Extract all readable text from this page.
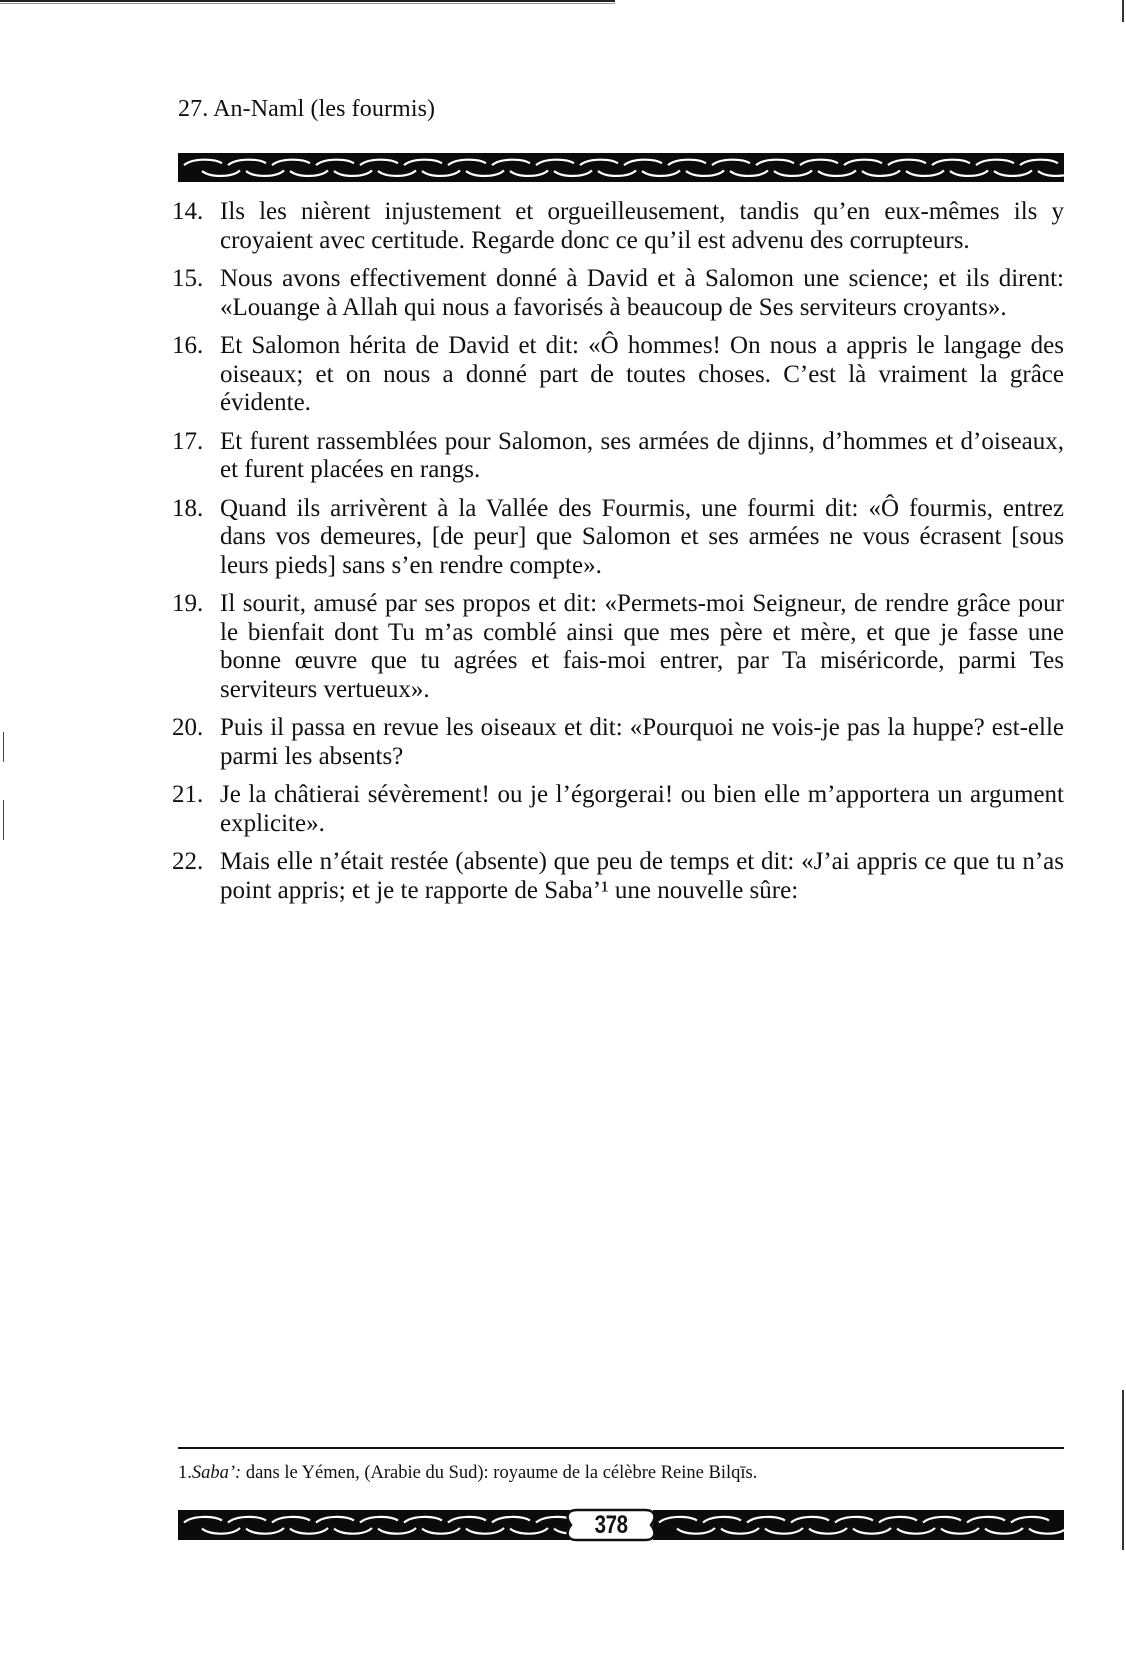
27. An-Naml (les fourmis)
14. Ils les nièrent injustement et orgueilleusement, tandis qu’en eux-mêmes ils y croyaient avec certitude. Regarde donc ce qu’il est advenu des corrupteurs.
15. Nous avons effectivement donné à David et à Salomon une science; et ils dirent: «Louange à Allah qui nous a favorisés à beaucoup de Ses serviteurs croyants».
16. Et Salomon hérita de David et dit: «Ô hommes! On nous a appris le langage des oiseaux; et on nous a donné part de toutes choses. C’est là vraiment la grâce évidente.
17. Et furent rassemblées pour Salomon, ses armées de djinns, d’hommes et d’oiseaux, et furent placées en rangs.
18. Quand ils arrivèrent à la Vallée des Fourmis, une fourmi dit: «Ô fourmis, entrez dans vos demeures, [de peur] que Salomon et ses armées ne vous écrasent [sous leurs pieds] sans s’en rendre compte».
19. Il sourit, amusé par ses propos et dit: «Permets-moi Seigneur, de rendre grâce pour le bienfait dont Tu m’as comblé ainsi que mes père et mère, et que je fasse une bonne œuvre que tu agrées et fais-moi entrer, par Ta miséricorde, parmi Tes serviteurs vertueux».
20. Puis il passa en revue les oiseaux et dit: «Pourquoi ne vois-je pas la huppe? est-elle parmi les absents?
21. Je la châtierai sévèrement! ou je l’égorgerai! ou bien elle m’apportera un argument explicite».
22. Mais elle n’était restée (absente) que peu de temps et dit: «J’ai appris ce que tu n’as point appris; et je te rapporte de Saba’¹ une nouvelle sûre:
1.Saba’: dans le Yémen, (Arabie du Sud): royaume de la célèbre Reine Bilqīs.
378
